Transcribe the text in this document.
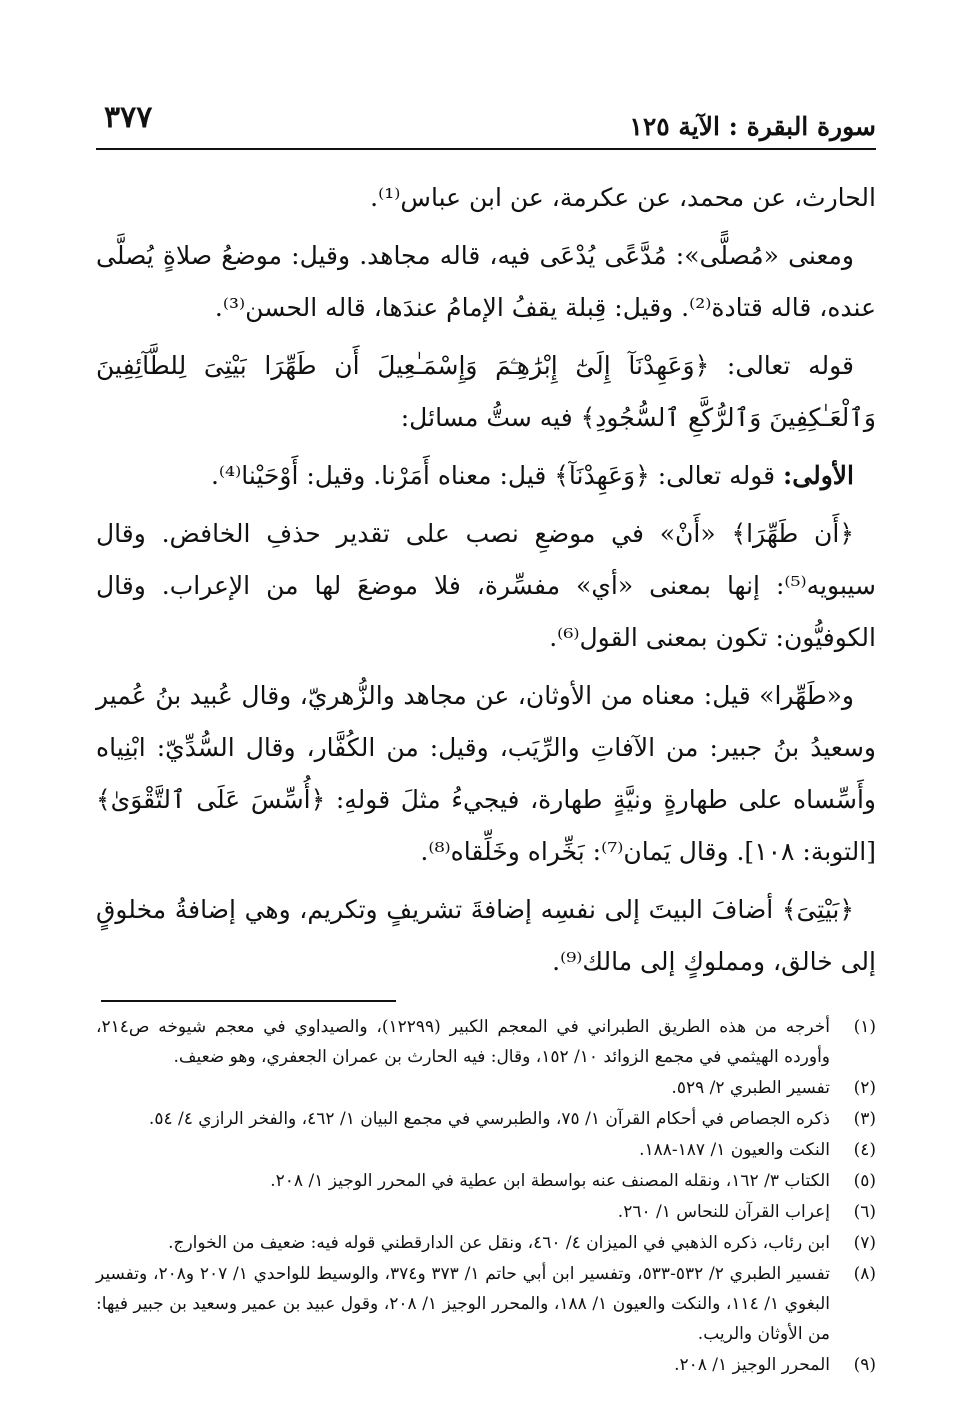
سورة البقرة : الآية ١٢٥
٣٧٧

الحارث، عن محمد، عن عكرمة، عن ابن عباس⁽¹⁾.

ومعنى «مُصلًّى»: مُدَّعًى يُدْعَى فيه، قاله مجاهد. وقيل: موضعُ صلاةٍ يُصلَّى عنده، قاله قتادة⁽²⁾. وقيل: قِبلة يقفُ الإمامُ عندَها، قاله الحسن⁽³⁾.

قوله تعالى: ﴿وَعَهِدْنَآ إِلَىٰٓ إِبْرَٰهِـۧمَ وَإِسْمَـٰعِيلَ أَن طَهِّرَا بَيْتِىَ لِلطَّآئِفِينَ وَٱلْعَـٰكِفِينَ وَٱلرُّكَّعِ ٱلسُّجُودِ﴾ فيه ستُّ مسائل:

الأولى: قوله تعالى: ﴿وَعَهِدْنَآ﴾ قيل: معناه أَمَرْنا. وقيل: أَوْحَيْنا⁽⁴⁾.

﴿أَن طَهِّرَا﴾ «أَنْ» في موضعِ نصب على تقدير حذفِ الخافض. وقال سيبويه⁽⁵⁾: إنها بمعنى «أي» مفسِّرة، فلا موضعَ لها من الإعراب. وقال الكوفيُّون: تكون بمعنى القول⁽⁶⁾.

و«طَهِّرا» قيل: معناه من الأوثان، عن مجاهد والزُّهريّ، وقال عُبيد بنُ عُمير وسعيدُ بنُ جبير: من الآفاتِ والرِّيَب، وقيل: من الكُفَّار، وقال السُّدِّيّ: ابْنِياه وأَسِّساه على طهارةٍ ونيَّةٍ طهارة، فيجيءُ مثلَ قولهِ: ﴿أُسِّسَ عَلَى ٱلتَّقْوَىٰ﴾ [التوبة: ١٠٨]. وقال يَمان⁽⁷⁾: بَخِّراه وخَلِّقاه⁽⁸⁾.

﴿بَيْتِىَ﴾ أضافَ البيتَ إلى نفسِه إضافةَ تشريفٍ وتكريم، وهي إضافةُ مخلوقٍ إلى خالق، ومملوكٍ إلى مالك⁽⁹⁾.

(١)
أخرجه من هذه الطريق الطبراني في المعجم الكبير (١٢٢٩٩)، والصيداوي في معجم شيوخه ص٢١٤، وأورده الهيثمي في مجمع الزوائد ١٠/ ١٥٢، وقال: فيه الحارث بن عمران الجعفري، وهو ضعيف.
(٢)
تفسير الطبري ٢/ ٥٢٩.
(٣)
ذكره الجصاص في أحكام القرآن ١/ ٧٥، والطبرسي في مجمع البيان ١/ ٤٦٢، والفخر الرازي ٤/ ٥٤.
(٤)
النكت والعيون ١/ ١٨٧-١٨٨.
(٥)
الكتاب ٣/ ١٦٢، ونقله المصنف عنه بواسطة ابن عطية في المحرر الوجيز ١/ ٢٠٨.
(٦)
إعراب القرآن للنحاس ١/ ٢٦٠.
(٧)
ابن رئاب، ذكره الذهبي في الميزان ٤/ ٤٦٠، ونقل عن الدارقطني قوله فيه: ضعيف من الخوارج.
(٨)
تفسير الطبري ٢/ ٥٣٢-٥٣٣، وتفسير ابن أبي حاتم ١/ ٣٧٣ و٣٧٤، والوسيط للواحدي ١/ ٢٠٧ و٢٠٨، وتفسير البغوي ١/ ١١٤، والنكت والعيون ١/ ١٨٨، والمحرر الوجيز ١/ ٢٠٨، وقول عبيد بن عمير وسعيد بن جبير فيها: من الأوثان والريب.
(٩)
المحرر الوجيز ١/ ٢٠٨.
